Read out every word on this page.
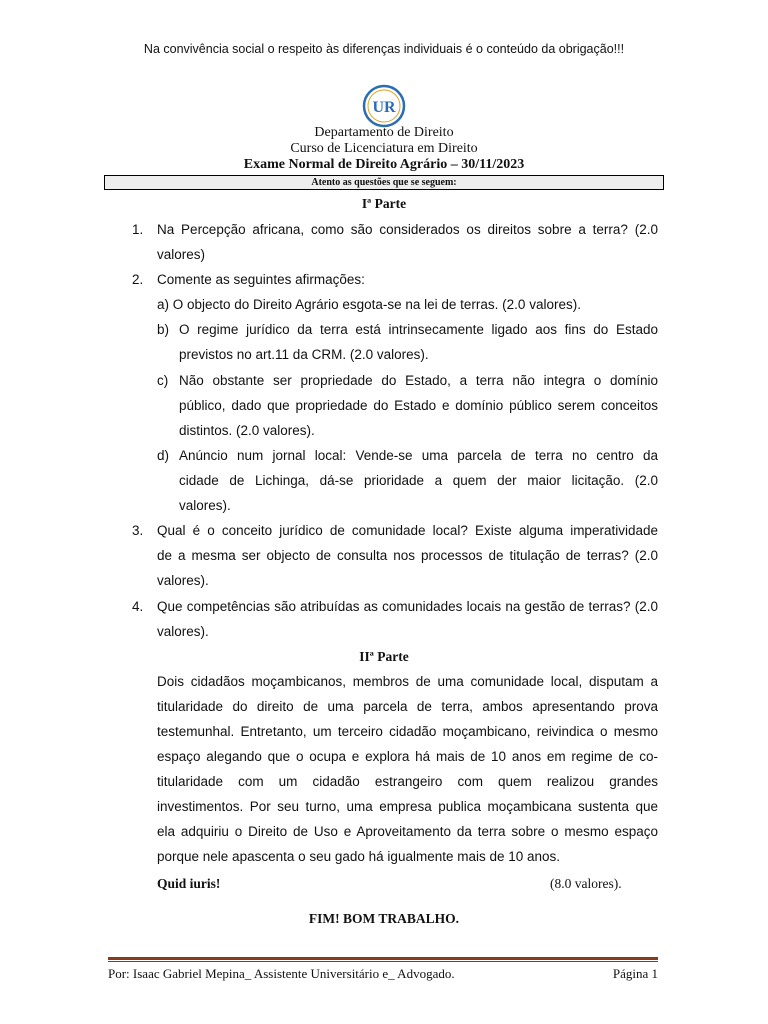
Na convivência social o respeito às diferenças individuais é o conteúdo da obrigação!!!
UR
Departamento de Direito
Curso de Licenciatura em Direito
Exame Normal de Direito Agrário – 30/11/2023
Atento as questões que se seguem:
Iª Parte
1.	Na Percepção africana, como são considerados os direitos sobre a terra? (2.0
valores)
2.	Comente as seguintes afirmações:
a) O objecto do Direito Agrário esgota-se na lei de terras. (2.0 valores).
b) O regime jurídico da terra está intrinsecamente ligado aos fins do Estado
previstos no art.11 da CRM. (2.0 valores).
c) Não obstante ser propriedade do Estado, a terra não integra o domínio
público, dado que propriedade do Estado e domínio público serem conceitos
distintos. (2.0 valores).
d) Anúncio num jornal local: Vende-se uma parcela de terra no centro da
cidade de Lichinga, dá-se prioridade a quem der maior licitação. (2.0
valores).
3.	Qual é o conceito jurídico de comunidade local? Existe alguma imperatividade
de a mesma ser objecto de consulta nos processos de titulação de terras? (2.0
valores).
4.	Que competências são atribuídas as comunidades locais na gestão de terras? (2.0
valores).
IIª Parte
Dois cidadãos moçambicanos, membros de uma comunidade local, disputam a
titularidade do direito de uma parcela de terra, ambos apresentando prova
testemunhal. Entretanto, um terceiro cidadão moçambicano, reivindica o mesmo
espaço alegando que o ocupa e explora há mais de 10 anos em regime de co-
titularidade com um cidadão estrangeiro com quem realizou grandes
investimentos. Por seu turno, uma empresa publica moçambicana sustenta que
ela adquiriu o Direito de Uso e Aproveitamento da terra sobre o mesmo espaço
porque nele apascenta o seu gado há igualmente mais de 10 anos.
Quid iuris!	(8.0 valores).
FIM! BOM TRABALHO.
Por: Isaac Gabriel Mepina_ Assistente Universitário e_ Advogado.	Página 1
